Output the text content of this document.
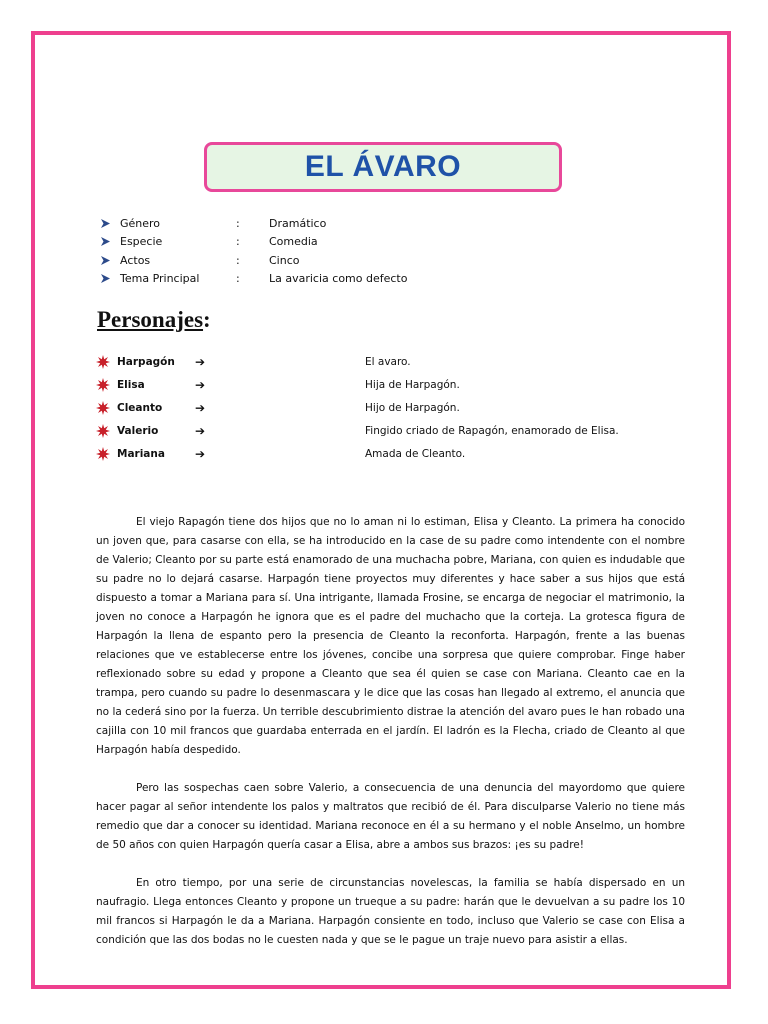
EL ÁVARO
Género	:	Dramático
Especie	:	Comedia
Actos	:	Cinco
Tema Principal	:	La avaricia como defecto
Personajes:
Harpagón	➔	El avaro.
Elisa	➔	Hija de Harpagón.
Cleanto	➔	Hijo de Harpagón.
Valerio	➔	Fingido criado de Rapagón, enamorado de Elisa.
Mariana	➔	Amada de Cleanto.

El viejo Rapagón tiene dos hijos que no lo aman ni lo estiman, Elisa y Cleanto. La primera ha conocido un joven que, para casarse con ella, se ha introducido en la case de su padre como intendente con el nombre de Valerio; Cleanto por su parte está enamorado de una muchacha pobre, Mariana, con quien es indudable que su padre no lo dejará casarse. Harpagón tiene proyectos muy diferentes y hace saber a sus hijos que está dispuesto a tomar a Mariana para sí. Una intrigante, llamada Frosine, se encarga de negociar el matrimonio, la joven no conoce a Harpagón he ignora que es el padre del muchacho que la corteja. La grotesca figura de Harpagón la llena de espanto pero la presencia de Cleanto la reconforta. Harpagón, frente a las buenas relaciones que ve establecerse entre los jóvenes, concibe una sorpresa que quiere comprobar. Finge haber reflexionado sobre su edad y propone a Cleanto que sea él quien se case con Mariana. Cleanto cae en la trampa, pero cuando su padre lo desenmascara y le dice que las cosas han llegado al extremo, el anuncia que no la cederá sino por la fuerza. Un terrible descubrimiento distrae la atención del avaro pues le han robado una cajilla con 10 mil francos que guardaba enterrada en el jardín. El ladrón es la Flecha, criado de Cleanto al que Harpagón había despedido.

Pero las sospechas caen sobre Valerio, a consecuencia de una denuncia del mayordomo que quiere hacer pagar al señor intendente los palos y maltratos que recibió de él. Para disculparse Valerio no tiene más remedio que dar a conocer su identidad. Mariana reconoce en él a su hermano y el noble Anselmo, un hombre de 50 años con quien Harpagón quería casar a Elisa, abre a ambos sus brazos: ¡es su padre!

En otro tiempo, por una serie de circunstancias novelescas, la familia se había dispersado en un naufragio. Llega entonces Cleanto y propone un trueque a su padre: harán que le devuelvan a su padre los 10 mil francos si Harpagón le da a Mariana. Harpagón consiente en todo, incluso que Valerio se case con Elisa a condición que las dos bodas no le cuesten nada y que se le pague un traje nuevo para asistir a ellas.
